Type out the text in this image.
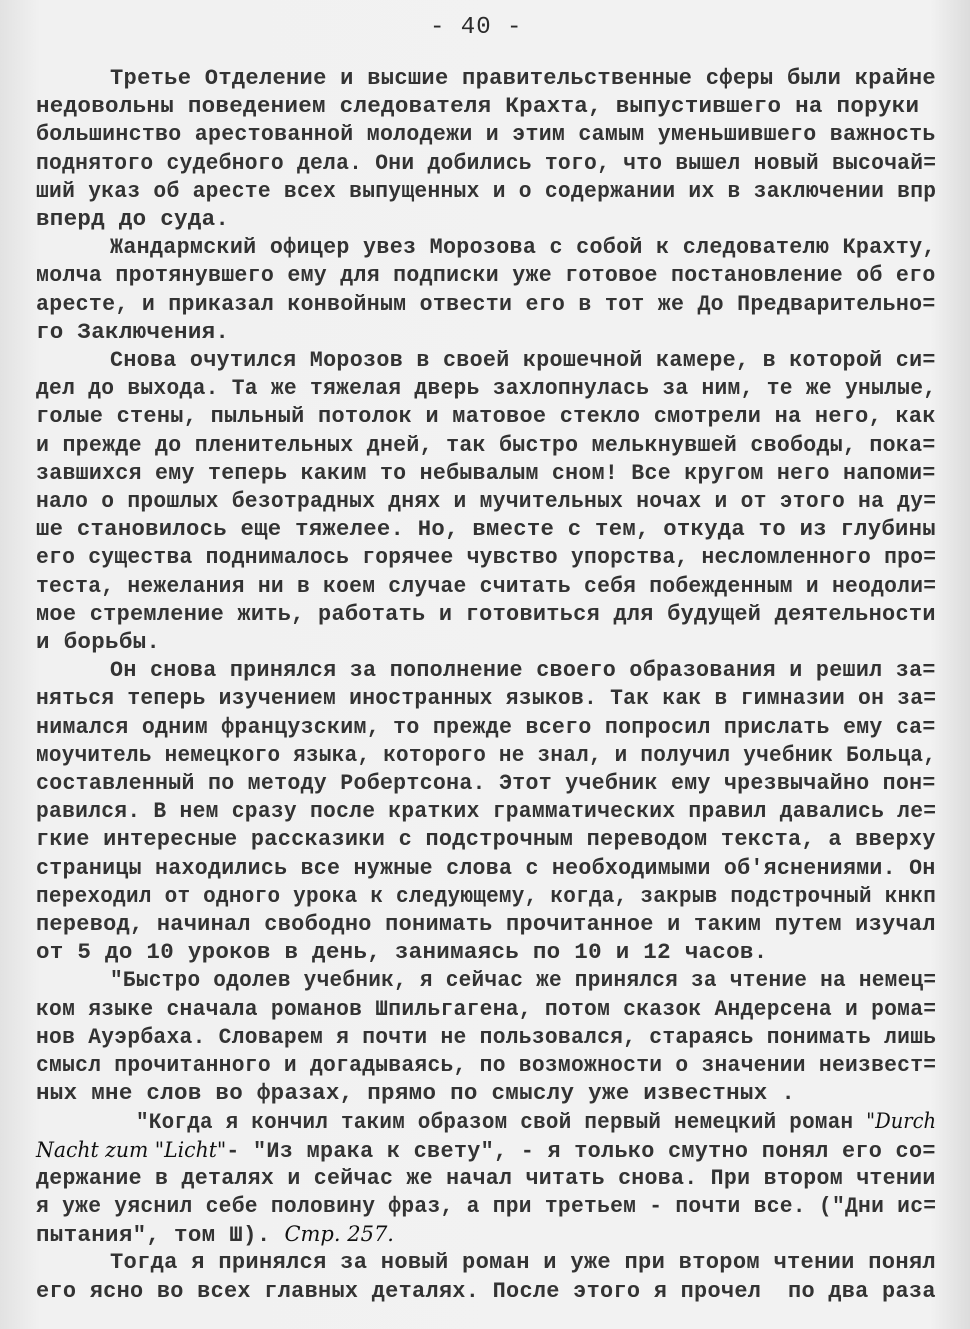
- 40 -
Третье Отделение и высшие правительственные сферы были крайне
недовольны поведением следователя Крахта, выпустившего на поруки
большинство арестованной молодежи и этим самым уменьшившего важность
поднятого судебного дела. Они добились того, что вышел новый высочай=
ший указ об аресте всех выпущенных и о содержании их в заключении впр
вперд до суда.
Жандармский офицер увез Морозова с собой к следователю Крахту,
молча протянувшего ему для подписки уже готовое постановление об его
аресте, и приказал конвойным отвести его в тот же До Предварительно=
го Заключения.
Снова очутился Морозов в своей крошечной камере, в которой си=
дел до выхода. Та же тяжелая дверь захлопнулась за ним, те же унылые,
голые стены, пыльный потолок и матовое стекло смотрели на него, как
и прежде до пленительных дней, так быстро мелькнувшей свободы, пока=
завшихся ему теперь каким то небывалым сном! Все кругом него напоми=
нало о прошлых безотрадных днях и мучительных ночах и от этого на ду=
ше становилось еще тяжелее. Но, вместе с тем, откуда то из глубины
его существа поднималось горячее чувство упорства, несломленного про=
теста, нежелания ни в коем случае считать себя побежденным и неодоли=
мое стремление жить, работать и готовиться для будущей деятельности
и борьбы.
Он снова принялся за пополнение своего образования и решил за=
няться теперь изучением иностранных языков. Так как в гимназии он за=
нимался одним французским, то прежде всего попросил прислать ему са=
моучитель немецкого языка, которого не знал, и получил учебник Больца,
составленный по методу Робертсона. Этот учебник ему чрезвычайно пон=
равился. В нем сразу после кратких грамматических правил давались ле=
гкие интересные рассказики с подстрочным переводом текста, а вверху
страницы находились все нужные слова с необходимыми об'яснениями. Он
переходил от одного урока к следующему, когда, закрыв подстрочный кнкп
перевод, начинал свободно понимать прочитанное и таким путем изучал
от 5 до 10 уроков в день, занимаясь по 10 и 12 часов.
"Быстро одолев учебник, я сейчас же принялся за чтение на немец=
ком языке сначала романов Шпильгагена, потом сказок Андерсена и рома=
нов Ауэрбаха. Словарем я почти не пользовался, стараясь понимать лишь
смысл прочитанного и догадываясь, по возможности о значении неизвест=
ных мне слов во фразах, прямо по смыслу уже известных .
"Когда я кончил таким образом свой первый немецкий роман "Durch
Nacht zum "Licht"- "Из мрака к свету", - я только смутно понял его со=
держание в деталях и сейчас же начал читать снова. При втором чтении
я уже уяснил себе половину фраз, а при третьем - почти все. ("Дни ис=
пытания", том Ш). Стр. 257.
Тогда я принялся за новый роман и уже при втором чтении понял
его ясно во всех главных деталях. После этого я прочел  по два раза
